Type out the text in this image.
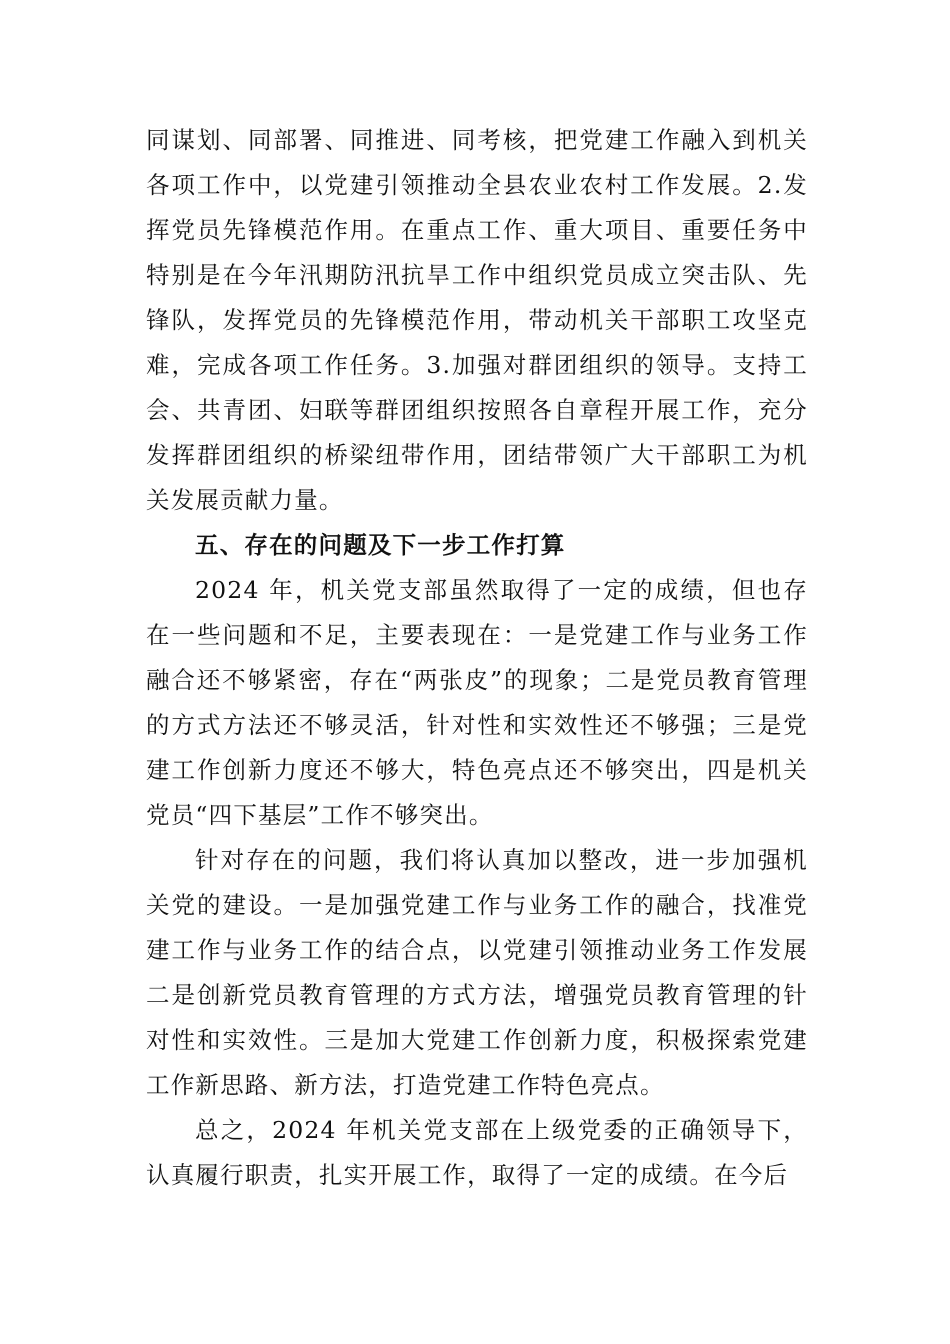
同谋划、同部署、同推进、同考核，把党建工作融入到机关各项工作中，以党建引领推动全县农业农村工作发展。2.发挥党员先锋模范作用。在重点工作、重大项目、重要任务中特别是在今年汛期防汛抗旱工作中组织党员成立突击队、先锋队，发挥党员的先锋模范作用，带动机关干部职工攻坚克难，完成各项工作任务。3.加强对群团组织的领导。支持工会、共青团、妇联等群团组织按照各自章程开展工作，充分发挥群团组织的桥梁纽带作用，团结带领广大干部职工为机关发展贡献力量。

五、存在的问题及下一步工作打算

2024 年，机关党支部虽然取得了一定的成绩，但也存在一些问题和不足，主要表现在：一是党建工作与业务工作融合还不够紧密，存在“两张皮”的现象；二是党员教育管理的方式方法还不够灵活，针对性和实效性还不够强；三是党建工作创新力度还不够大，特色亮点还不够突出，四是机关党员“四下基层”工作不够突出。

针对存在的问题，我们将认真加以整改，进一步加强机关党的建设。一是加强党建工作与业务工作的融合，找准党建工作与业务工作的结合点，以党建引领推动业务工作发展二是创新党员教育管理的方式方法，增强党员教育管理的针对性和实效性。三是加大党建工作创新力度，积极探索党建工作新思路、新方法，打造党建工作特色亮点。

总之，2024 年机关党支部在上级党委的正确领导下，认真履行职责，扎实开展工作，取得了一定的成绩。在今后
